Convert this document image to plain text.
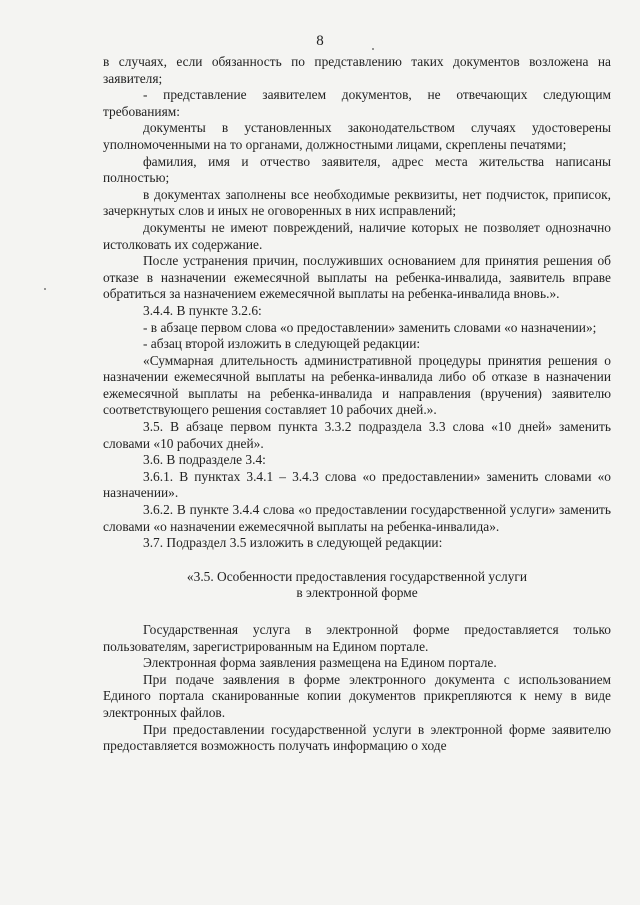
8

в случаях, если обязанность по представлению таких документов возложена на заявителя;

- представление заявителем документов, не отвечающих следующим требованиям:

документы в установленных законодательством случаях удостоверены уполномоченными на то органами, должностными лицами, скреплены печатями;

фамилия, имя и отчество заявителя, адрес места жительства написаны полностью;

в документах заполнены все необходимые реквизиты, нет подчисток, приписок, зачеркнутых слов и иных не оговоренных в них исправлений;

документы не имеют повреждений, наличие которых не позволяет однозначно истолковать их содержание.

После устранения причин, послуживших основанием для принятия решения об отказе в назначении ежемесячной выплаты на ребенка-инвалида, заявитель вправе обратиться за назначением ежемесячной выплаты на ребенка-инвалида вновь.».

3.4.4. В пункте 3.2.6:

- в абзаце первом слова «о предоставлении» заменить словами «о назначении»;

- абзац второй изложить в следующей редакции:

«Суммарная длительность административной процедуры принятия решения о назначении ежемесячной выплаты на ребенка-инвалида либо об отказе в назначении ежемесячной выплаты на ребенка-инвалида и направления (вручения) заявителю соответствующего решения составляет 10 рабочих дней.».

3.5. В абзаце первом пункта 3.3.2 подраздела 3.3 слова «10 дней» заменить словами «10 рабочих дней».

3.6. В подразделе 3.4:

3.6.1. В пунктах 3.4.1 – 3.4.3 слова «о предоставлении» заменить словами «о назначении».

3.6.2. В пункте 3.4.4 слова «о предоставлении государственной услуги» заменить словами «о назначении ежемесячной выплаты на ребенка-инвалида».

3.7. Подраздел 3.5 изложить в следующей редакции:

«3.5. Особенности предоставления государственной услуги
в электронной форме

Государственная услуга в электронной форме предоставляется только пользователям, зарегистрированным на Едином портале.

Электронная форма заявления размещена на Едином портале.

При подаче заявления в форме электронного документа с использованием Единого портала сканированные копии документов прикрепляются к нему в виде электронных файлов.

При предоставлении государственной услуги в электронной форме заявителю предоставляется возможность получать информацию о ходе
